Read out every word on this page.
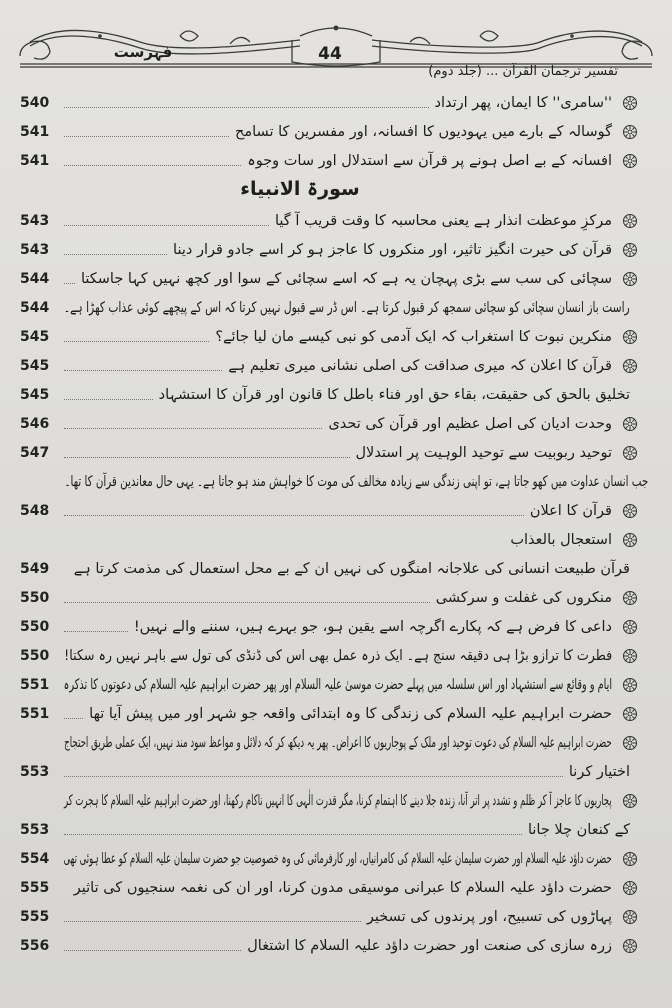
44
تفسیر ترجمان القرآن ... (جلد دوم)
فہرست
سورۃ الانبیاء
''سامری'' کا ایمان، پھر ارتداد
540
گوسالہ کے بارے میں یہودیوں کا افسانہ، اور مفسرین کا تسامح
541
افسانہ کے بے اصل ہونے پر قرآن سے استدلال اور سات وجوہ
541
مرکزِ موعظت انذار ہے یعنی محاسبہ کا وقت قریب آ گیا
543
قرآن کی حیرت انگیز تاثیر، اور منکروں کا عاجز ہو کر اسے جادو قرار دینا
543
سچائی کی سب سے بڑی پہچان یہ ہے کہ اسے سچائی کے سوا اور کچھ نہیں کہا جاسکتا
544
راست باز انسان سچائی کو سچائی سمجھ کر قبول کرتا ہے۔ اس ڈر سے قبول نہیں کرتا کہ اس کے پیچھے کوئی عذاب کھڑا ہے۔
544
منکرین نبوت کا استغراب کہ ایک آدمی کو نبی کیسے مان لیا جائے؟
545
قرآن کا اعلان کہ میری صداقت کی اصلی نشانی میری تعلیم ہے
545
تخلیق بالحق کی حقیقت، بقاء حق اور فناء باطل کا قانون اور قرآن کا استشہاد
545
وحدت ادیان کی اصل عظیم اور قرآن کی تحدی
546
توحید ربوبیت سے توحید الوہیت پر استدلال
547
جب انسان عداوت میں کھو جاتا ہے، تو اپنی زندگی سے زیادہ مخالف کی موت کا خواہش مند ہو جاتا ہے۔ یہی حال معاندین قرآن کا تھا۔
قرآن کا اعلان
548
استعجال بالعذاب
قرآن طبیعت انسانی کی علاجانہ امنگوں کی نہیں ان کے بے محل استعمال کی مذمت کرتا ہے
549
منکروں کی غفلت و سرکشی
550
داعی کا فرض ہے کہ پکارے اگرچہ اسے یقین ہو، جو بہرے ہیں، سننے والے نہیں!
550
فطرت کا ترازو بڑا ہی دقیقہ سنج ہے۔ ایک ذرہ عمل بھی اس کی ڈنڈی کی تول سے باہر نہیں رہ سکتا!
550
ایام و وقائع سے استشہاد اور اس سلسلہ میں پہلے حضرت موسیٰ علیہ السلام اور پھر حضرت ابراہیم علیہ السلام کی دعوتوں کا تذکرہ
551
حضرت ابراہیم علیہ السلام کی زندگی کا وہ ابتدائی واقعہ جو شہر اور میں پیش آیا تھا
551
حضرت ابراہیم علیہ السلام کی دعوت توحید اور ملک کے پوجاریوں کا اعراض۔ پھر یہ دیکھ کر کہ دلائل و مواعظ سود مند نہیں، ایک عملی طریق احتجاج
اختیار کرنا
553
پجاریوں کا عاجز آ کر ظلم و تشدد پر اتر آنا، زندہ جلا دینے کا اہتمام کرنا، مگر قدرت الٰہی کا انہیں ناکام رکھنا، اور حضرت ابراہیم علیہ السلام کا ہجرت کر
کے کنعان چلا جانا
553
حضرت داؤد علیہ السلام اور حضرت سلیمان علیہ السلام کی کامرانیاں، اور کارفرمائی کی وہ خصوصیت جو حضرت سلیمان علیہ السلام کو عطا ہوئی تھی
554
حضرت داؤد علیہ السلام کا عبرانی موسیقی مدون کرنا، اور ان کی نغمہ سنجیوں کی تاثیر
555
پہاڑوں کی تسبیح، اور پرندوں کی تسخیر
555
زرہ سازی کی صنعت اور حضرت داؤد علیہ السلام کا اشتغال
556
